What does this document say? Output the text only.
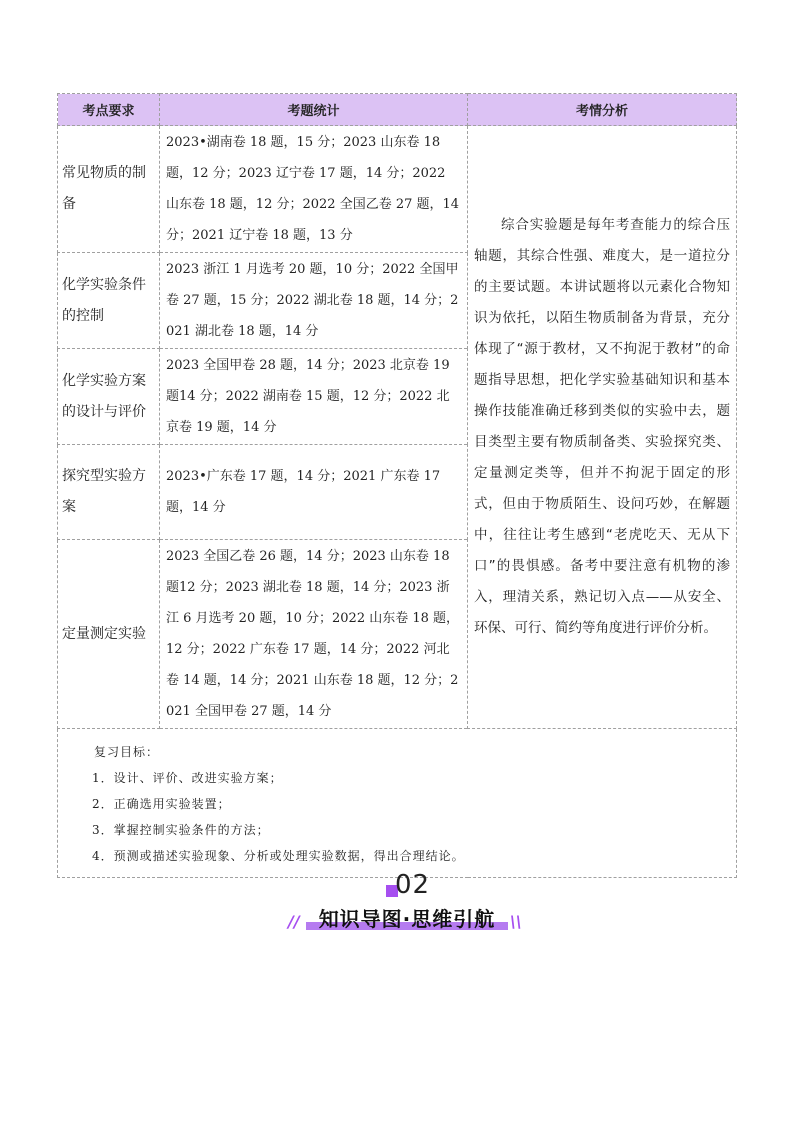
考点要求	考题统计	考情分析
常见物质的制备	2023•湖南卷 18 题，15 分；2023 山东卷 18 题，12 分；2023 辽宁卷 17 题，14 分；2022 山东卷 18 题，12 分；2022 全国乙卷 27 题，14 分；2021 辽宁卷 18 题，13 分	综合实验题是每年考查能力的综合压轴题，其综合性强、难度大，是一道拉分的主要试题。本讲试题将以元素化合物知识为依托，以陌生物质制备为背景，充分体现了“源于教材，又不拘泥于教材”的命题指导思想，把化学实验基础知识和基本操作技能准确迁移到类似的实验中去，题目类型主要有物质制备类、实验探究类、定量测定类等，但并不拘泥于固定的形式，但由于物质陌生、设问巧妙，在解题中，往往让考生感到“老虎吃天、无从下口”的畏惧感。备考中要注意有机物的渗入，理清关系，熟记切入点——从安全、环保、可行、简约等角度进行评价分析。
化学实验条件的控制	2023 浙江 1 月选考 20 题，10 分；2022 全国甲卷 27 题，15 分；2022 湖北卷 18 题，14 分；2021 湖北卷 18 题，14 分	
化学实验方案的设计与评价	2023 全国甲卷 28 题，14 分；2023 北京卷 19 题14 分；2022 湖南卷 15 题，12 分；2022 北京卷 19 题，14 分	
探究型实验方案	2023•广东卷 17 题，14 分；2021 广东卷 17 题，14 分	
定量测定实验	2023 全国乙卷 26 题，14 分；2023 山东卷 18 题12 分；2023 湖北卷 18 题，14 分；2023 浙江 6 月选考 20 题，10 分；2022 山东卷 18 题，12 分；2022 广东卷 17 题，14 分；2022 河北卷 14 题，14 分；2021 山东卷 18 题，12 分；2021 全国甲卷 27 题，14 分	

复习目标：
1．设计、评价、改进实验方案；
2．正确选用实验装置；
3．掌握控制实验条件的方法；
4．预测或描述实验现象、分析或处理实验数据，得出合理结论。		
02
// 知识导图·思维引航 \\
